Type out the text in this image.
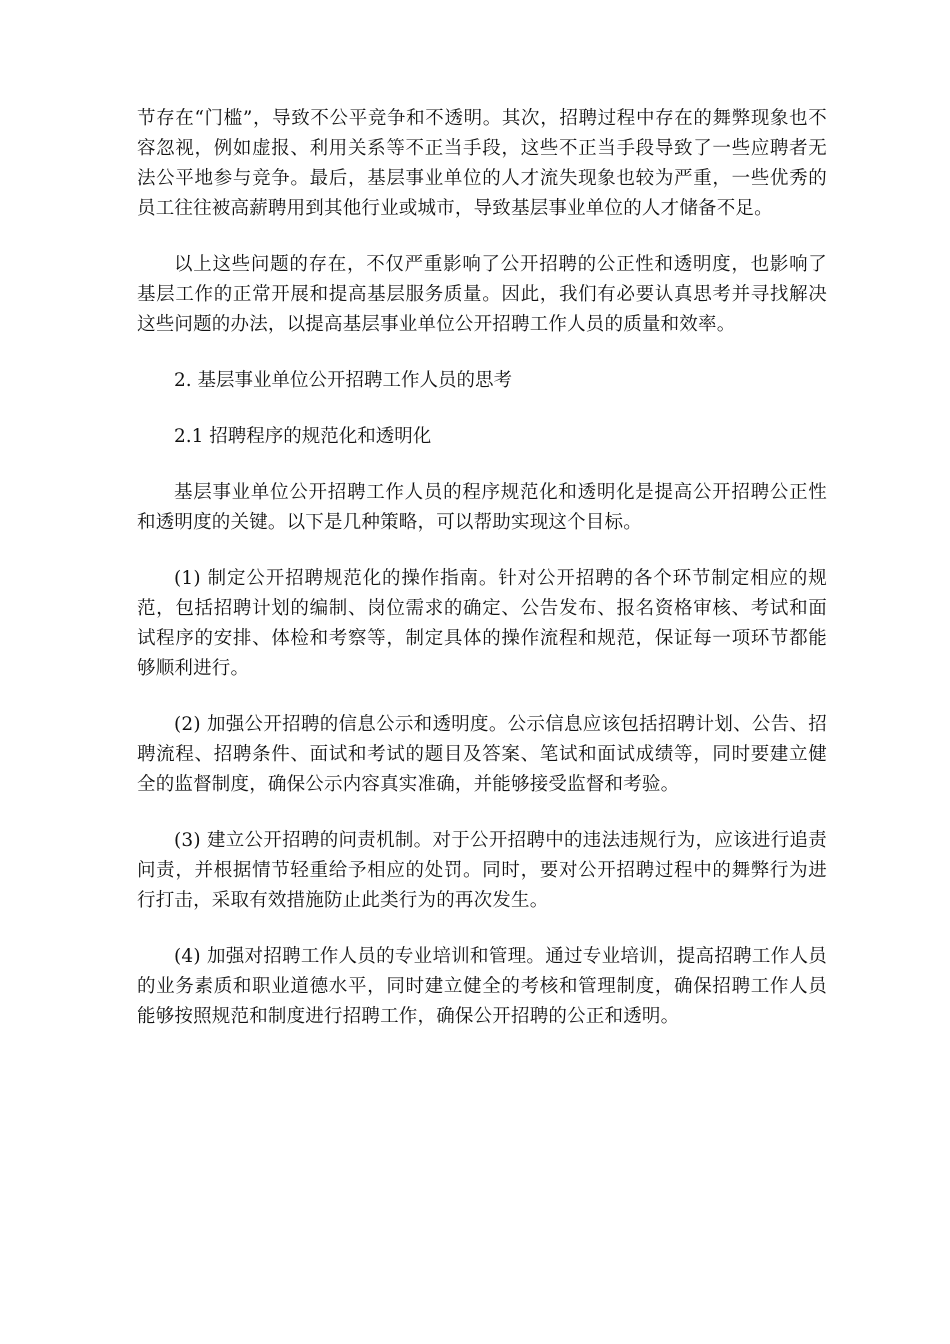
节存在“门槛”，导致不公平竞争和不透明。其次，招聘过程中存在的舞弊现象也不容忽视，例如虚报、利用关系等不正当手段，这些不正当手段导致了一些应聘者无法公平地参与竞争。最后，基层事业单位的人才流失现象也较为严重，一些优秀的员工往往被高薪聘用到其他行业或城市，导致基层事业单位的人才储备不足。

以上这些问题的存在，不仅严重影响了公开招聘的公正性和透明度，也影响了基层工作的正常开展和提高基层服务质量。因此，我们有必要认真思考并寻找解决这些问题的办法，以提高基层事业单位公开招聘工作人员的质量和效率。

2. 基层事业单位公开招聘工作人员的思考

2.1 招聘程序的规范化和透明化

基层事业单位公开招聘工作人员的程序规范化和透明化是提高公开招聘公正性和透明度的关键。以下是几种策略，可以帮助实现这个目标。

(1) 制定公开招聘规范化的操作指南。针对公开招聘的各个环节制定相应的规范，包括招聘计划的编制、岗位需求的确定、公告发布、报名资格审核、考试和面试程序的安排、体检和考察等，制定具体的操作流程和规范，保证每一项环节都能够顺利进行。

(2) 加强公开招聘的信息公示和透明度。公示信息应该包括招聘计划、公告、招聘流程、招聘条件、面试和考试的题目及答案、笔试和面试成绩等，同时要建立健全的监督制度，确保公示内容真实准确，并能够接受监督和考验。

(3) 建立公开招聘的问责机制。对于公开招聘中的违法违规行为，应该进行追责问责，并根据情节轻重给予相应的处罚。同时，要对公开招聘过程中的舞弊行为进行打击，采取有效措施防止此类行为的再次发生。

(4) 加强对招聘工作人员的专业培训和管理。通过专业培训，提高招聘工作人员的业务素质和职业道德水平，同时建立健全的考核和管理制度，确保招聘工作人员能够按照规范和制度进行招聘工作，确保公开招聘的公正和透明。
